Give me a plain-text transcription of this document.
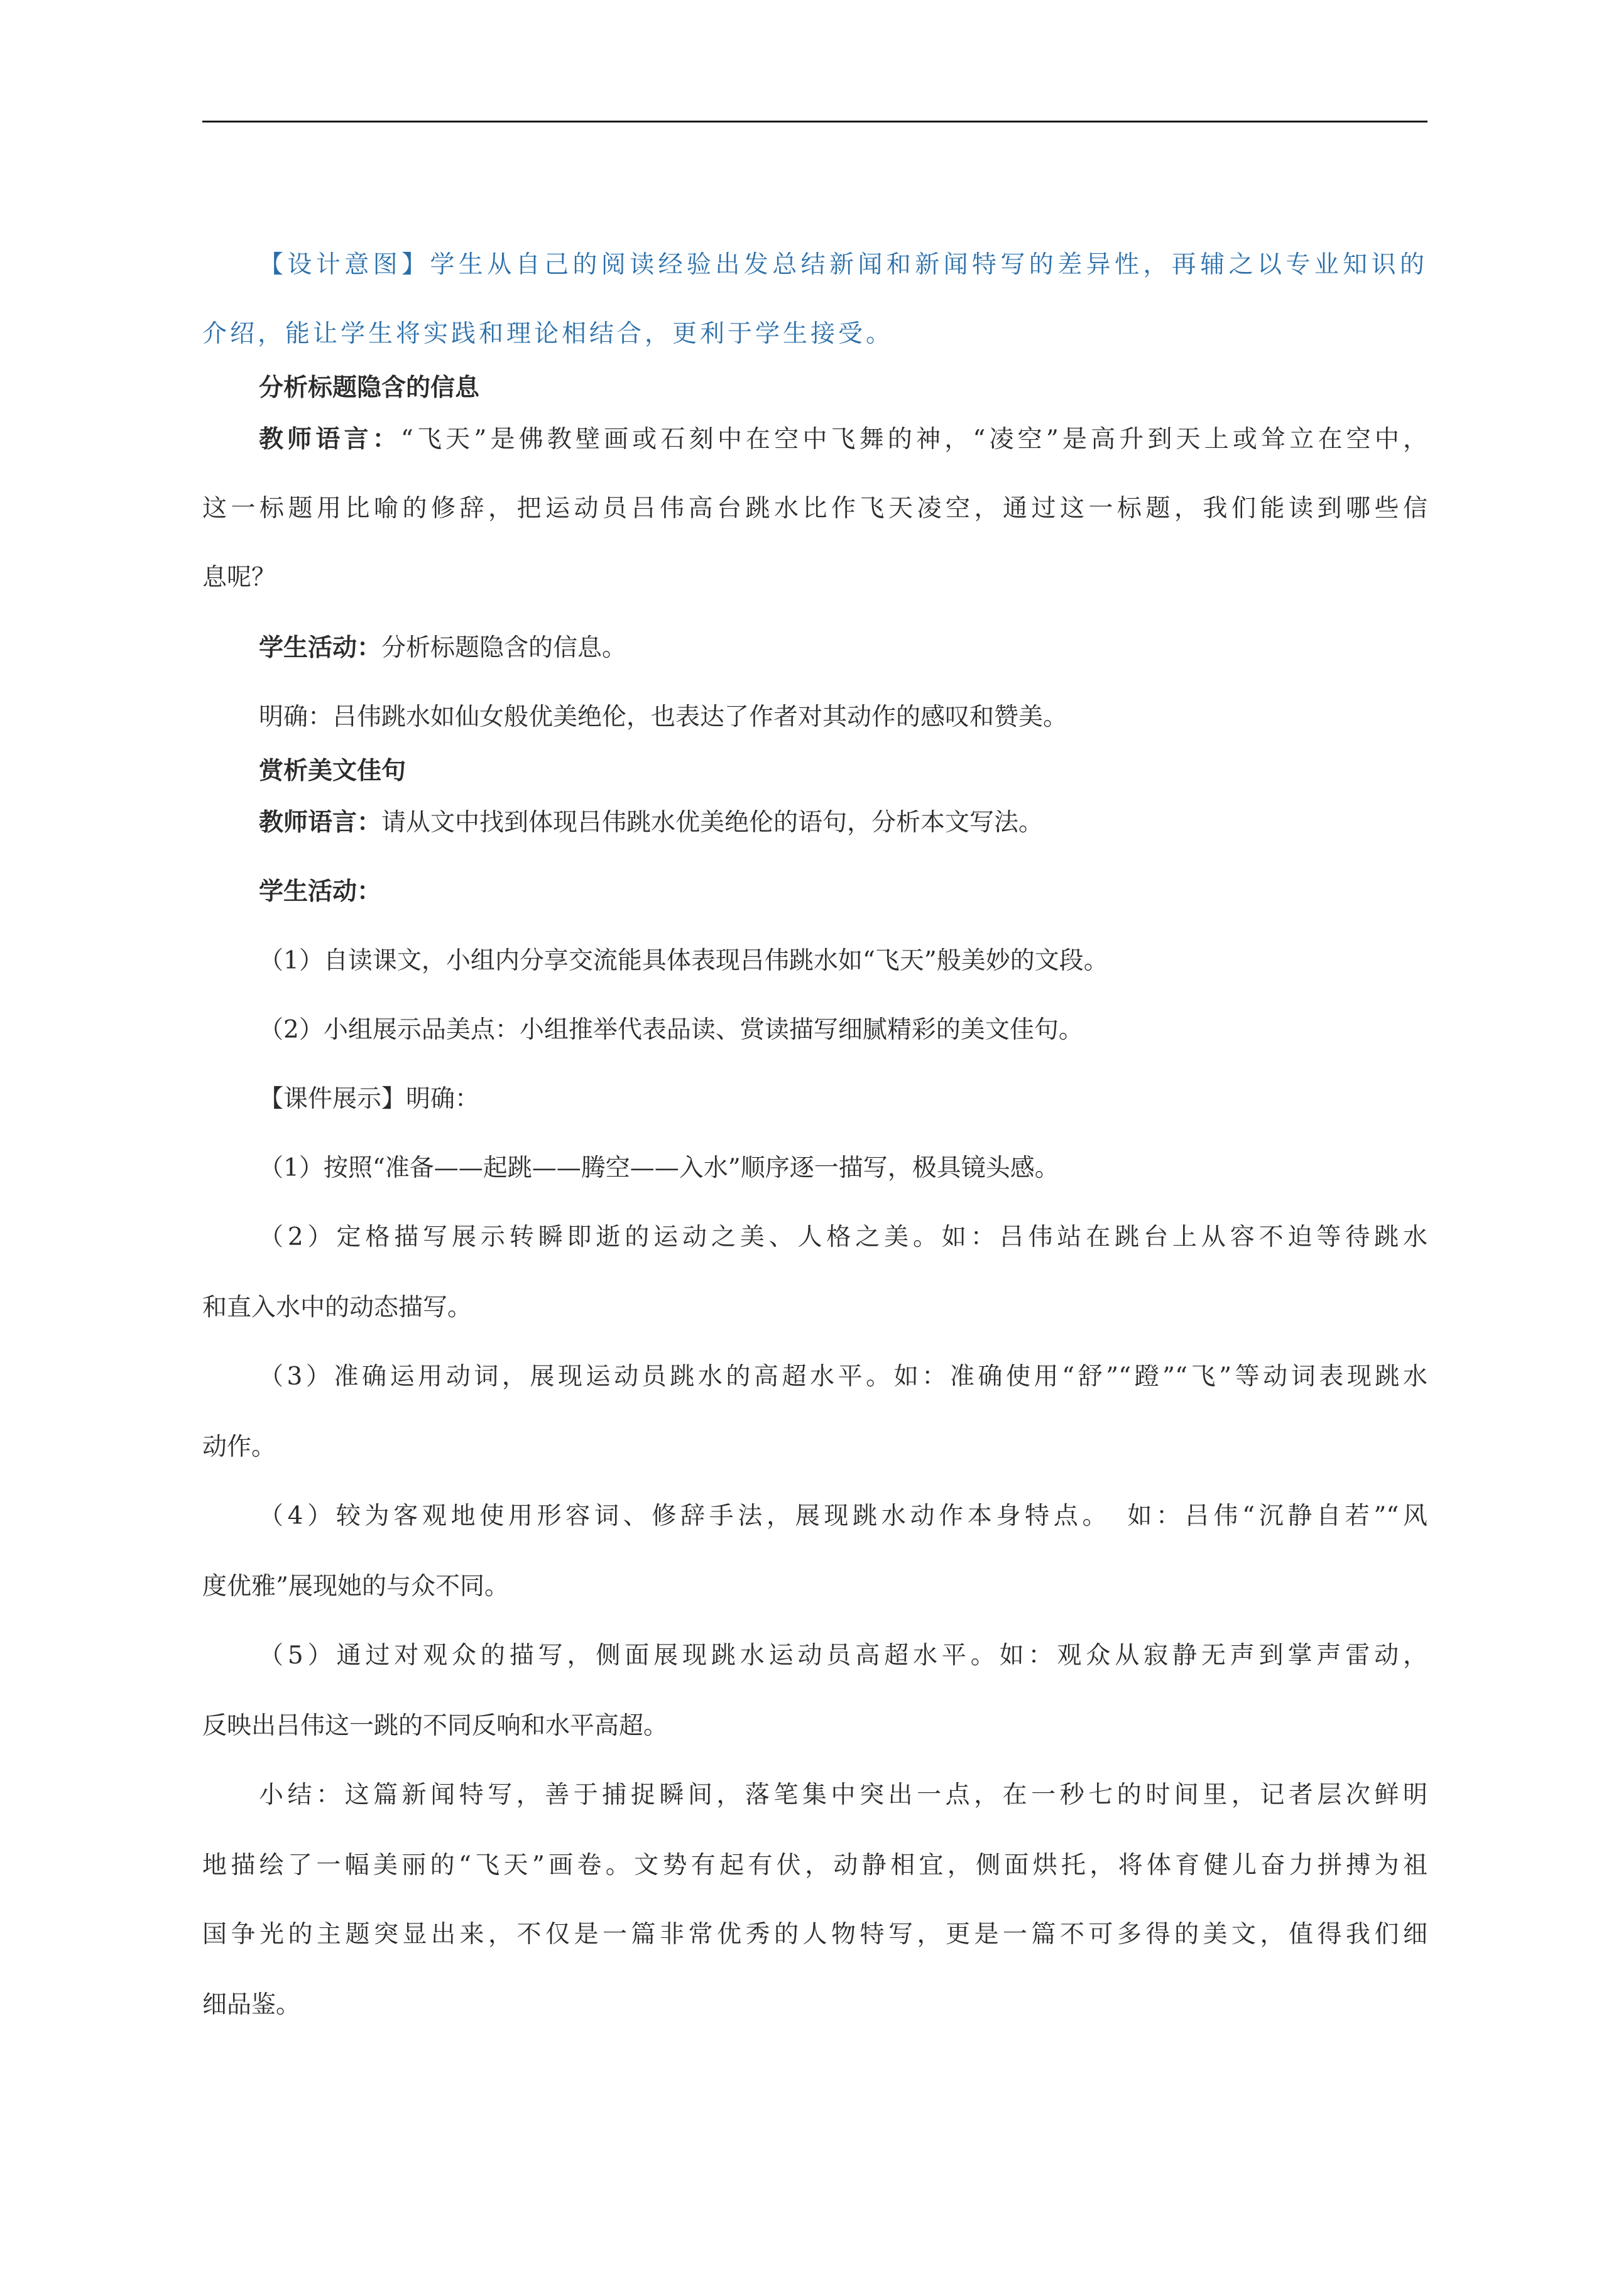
【设计意图】学生从自己的阅读经验出发总结新闻和新闻特写的差异性，再辅之以专业知识的
介绍，能让学生将实践和理论相结合，更利于学生接受。
分析标题隐含的信息
教师语言：“飞天”是佛教壁画或石刻中在空中飞舞的神，“凌空”是高升到天上或耸立在空中，
这一标题用比喻的修辞，把运动员吕伟高台跳水比作飞天凌空，通过这一标题，我们能读到哪些信
息呢？
学生活动：分析标题隐含的信息。
明确：吕伟跳水如仙女般优美绝伦，也表达了作者对其动作的感叹和赞美。
赏析美文佳句
教师语言：请从文中找到体现吕伟跳水优美绝伦的语句，分析本文写法。
学生活动：
（1）自读课文，小组内分享交流能具体表现吕伟跳水如“飞天”般美妙的文段。
（2）小组展示品美点：小组推举代表品读、赏读描写细腻精彩的美文佳句。
【课件展示】明确：
（1）按照“准备——起跳——腾空——入水”顺序逐一描写，极具镜头感。
（2）定格描写展示转瞬即逝的运动之美、人格之美。如：吕伟站在跳台上从容不迫等待跳水
和直入水中的动态描写。
（3）准确运用动词，展现运动员跳水的高超水平。如：准确使用“舒”“蹬”“飞”等动词表现跳水
动作。
（4）较为客观地使用形容词、修辞手法，展现跳水动作本身特点。　如：吕伟“沉静自若”“风
度优雅”展现她的与众不同。
（5）通过对观众的描写，侧面展现跳水运动员高超水平。如：观众从寂静无声到掌声雷动，
反映出吕伟这一跳的不同反响和水平高超。
小结：这篇新闻特写，善于捕捉瞬间，落笔集中突出一点，在一秒七的时间里，记者层次鲜明
地描绘了一幅美丽的“飞天”画卷。文势有起有伏，动静相宜，侧面烘托，将体育健儿奋力拼搏为祖
国争光的主题突显出来，不仅是一篇非常优秀的人物特写，更是一篇不可多得的美文，值得我们细
细品鉴。
